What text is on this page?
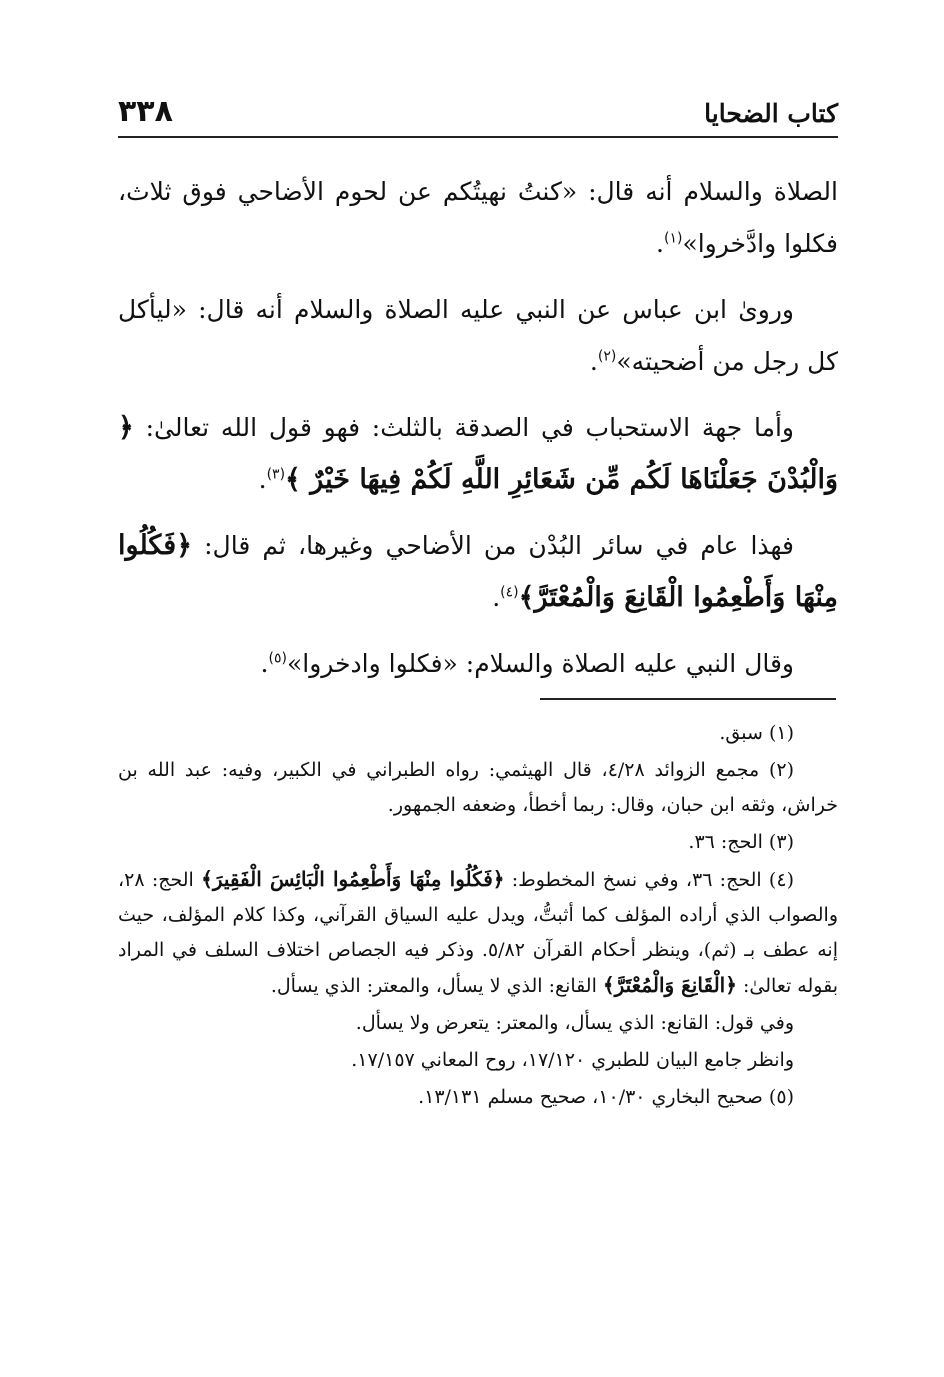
٣٣٨	كتاب الضحايا

الصلاة والسلام أنه قال: «كنتُ نهيتُكم عن لحوم الأضاحي فوق ثلاث، فكلوا وادَّخروا»$^{(١)}$.

وروىٰ ابن عباس عن النبي عليه الصلاة والسلام أنه قال: «ليأكل كل رجل من أضحيته»$^{(٢)}$.

وأما جهة الاستحباب في الصدقة بالثلث: فهو قول الله تعالىٰ: ﴿ وَالْبُدْنَ جَعَلْنَاهَا لَكُم مِّن شَعَائِرِ اللَّهِ لَكُمْ فِيهَا خَيْرٌ ﴾$^{(٣)}$.

فهذا عام في سائر البُدْن من الأضاحي وغيرها، ثم قال: ﴿فَكُلُوا مِنْهَا وَأَطْعِمُوا الْقَانِعَ وَالْمُعْتَرَّ﴾$^{(٤)}$.

وقال النبي عليه الصلاة والسلام: «فكلوا وادخروا»$^{(٥)}$.

(١) سبق.

(٢) مجمع الزوائد ٤/٢٨، قال الهيثمي: رواه الطبراني في الكبير، وفيه: عبد الله بن خراش، وثقه ابن حبان، وقال: ربما أخطأ، وضعفه الجمهور.

(٣) الحج: ٣٦.

(٤) الحج: ٣٦، وفي نسخ المخطوط: ﴿فَكُلُوا مِنْهَا وَأَطْعِمُوا الْبَائِسَ الْفَقِيرَ﴾ الحج: ٢٨، والصواب الذي أراده المؤلف كما أثبتُّ، ويدل عليه السياق القرآني، وكذا كلام المؤلف، حيث إنه عطف بـ (ثم)، وينظر أحكام القرآن ٥/٨٢. وذكر فيه الجصاص اختلاف السلف في المراد بقوله تعالىٰ: ﴿الْقَانِعَ وَالْمُعْتَرَّ﴾ القانع: الذي لا يسأل، والمعتر: الذي يسأل.

وفي قول: القانع: الذي يسأل، والمعتر: يتعرض ولا يسأل.

وانظر جامع البيان للطبري ١٧/١٢٠، روح المعاني ١٧/١٥٧.

(٥) صحيح البخاري ١٠/٣٠، صحيح مسلم ١٣/١٣١.
